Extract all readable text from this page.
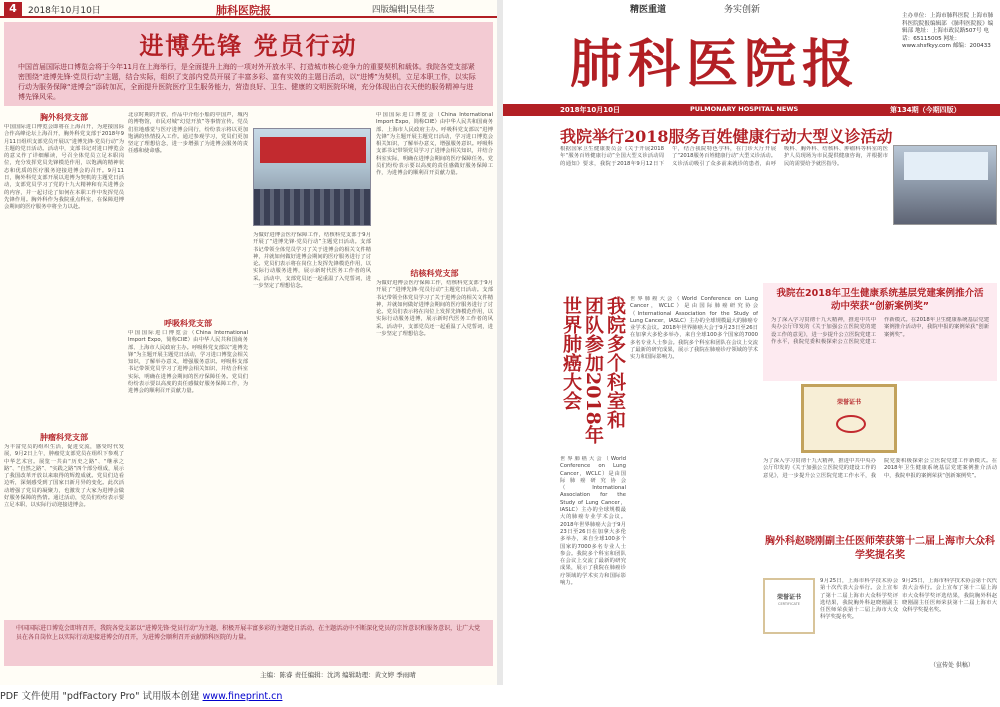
4	2018年10月10日	肺科医院报	四版编辑|吴佳莹
进博先锋 党员行动
中国首届国际进口博览会将于今年11月在上海举行，是全面提升上海的一项对外开放水平、打造城市核心竞争力的重要契机和载体。我院各党支部紧密围绕“进博先锋·党员行动”主题，结合实际，组织了支部内党员开展了丰富多彩、富有实效的主题日活动，以“进博”为契机，立足本职工作，以实际行动为服务保障“进博会”添砖加瓦，全面提升医院医疗卫生服务能力，营造良好、卫生、健康的文明医院环境，充分体现出白衣天使的服务精神与进博先锋风采。
胸外科党支部
中国国际进口博览会即将在上海召开，为迎接国际合作高峰论坛上海召开，胸外科党支部于2018年9月11日组织支部党员开展以“进博先锋·党员行动”为主题的党日活动。活动中，支部书记对进口博览会的意义作了详细解读，号召全体党员立足本职岗位，充分发挥党员先锋模范作用，以饱满的精神状态和优质的医疗服务迎接进博会的召开。9月11日，胸外科党支部开展以进博为契机的主题党日活动，支部党员学习了党的十九大精神和有关进博会的内容，并一起讨论了如何在本职工作中发挥党员先锋作用。胸外科作为我院重点科室，在保障进博会期间的医疗服务中将全力以赴。
肿瘤科党支部
为丰富党员的组织生活，促进交流，感受时代发展，9月2日上午，肿瘤党支部党员在组织下参观了中华艺术宫。展览一共由“历史之路”、“继承之路”、“自然之路”、“实践之路”四个部分组成，展示了我国改革开放以来取得的辉煌成就。党员们边看边听，深刻感受到了国家日新月异的变化。此次活动增强了党员的凝聚力，也激发了大家为进博会做好服务保障的热情。通过活动，党员们纷纷表示要立足本职，以实际行动迎接进博会。
北京时期的开放，作品中介绍小船的中国声，城内的博物馆，市民对城“幻觉开放”等事情宣传。党员们驻地感觉与医疗进博会同行，纷纷表示将以更加饱满的热情投入工作。通过参观学习，党员们更加坚定了理想信念，进一步增强了为进博会服务的责任感和使命感。
呼吸科党支部
中国国际进口博览会（China International Import Expo，简称CIIE）由中华人民共和国商务部、上海市人民政府主办。呼吸科党支部以“进博先锋”为主题开展主题党日活动，学习进口博览会相关知识，了解举办意义，增强服务意识。呼吸科支部书记带领党员学习了进博会相关知识，并结合科室实际，明确在进博会期间的医疗保障任务。党员们纷纷表示要以高度的责任感做好服务保障工作，为进博会的顺利召开贡献力量。
结核科党支部
中国国际进口博览会（China International Import Expo，简称CIIE）由中华人民共和国商务部、上海市人民政府主办。呼吸科党支部以“进博先锋”为主题开展主题党日活动，学习进口博览会相关知识，了解举办意义，增强服务意识。呼吸科支部书记带领党员学习了进博会相关知识，并结合科室实际，明确在进博会期间的医疗保障任务。党员们纷纷表示要以高度的责任感做好服务保障工作，为进博会的顺利召开贡献力量。
为做好进博会医疗保障工作，结核科党支部于9月开展了“进博先锋·党员行动”主题党日活动。支部书记带领全体党员学习了关于进博会的相关文件精神，并就如何做好进博会期间的医疗服务进行了讨论。党员们表示将在岗位上发挥先锋模范作用，以实际行动服务进博，展示新时代医务工作者的风采。活动中，支部党员还一起重温了入党誓词，进一步坚定了理想信念。
为做好进博会医疗保障工作，结核科党支部于9月开展了“进博先锋·党员行动”主题党日活动。支部书记带领全体党员学习了关于进博会的相关文件精神，并就如何做好进博会期间的医疗服务进行了讨论。党员们表示将在岗位上发挥先锋模范作用，以实际行动服务进博，展示新时代医务工作者的风采。活动中，支部党员还一起重温了入党誓词，进一步坚定了理想信念。
中国国际进口博览会即将召开，我院各党支部以“进博先锋·党员行动”为主题，积极开展丰富多彩的主题党日活动，在主题活动中不断深化党员的宗旨意识和服务意识，让广大党员在各自岗位上以实际行动迎接进博会的召开，为进博会顺利召开贡献肺科医院的力量。
主编：陈睿 责任编辑：沈鸿 编辑助理：黄文婷 季雨晴
精医重道	务实创新
肺科医院报
主办单位：上海市肺科医院 上海市肺科医院院报编辑部 《肺科医院报》编辑部 地址：上海市政民路507号 电话：65115005 网址：www.shsfkyy.com 邮编：200433
2018年10月10日	PULMONARY HOSPITAL NEWS	第134期（今期四版）
我院举行2018服务百姓健康行动大型义诊活动
根据国家卫生健康委员会《关于开展2018年“服务百姓健康行动”全国大型义诊活动周的通知》要求，我院于2018年9月12日下午，结合我院特色学科，在门诊大厅开展了“2018服务百姓健康行动”大型义诊活动。义诊活动吸引了众多前来就诊的患者，由呼吸科、胸外科、结核科、肿瘤科等科室的医护人员现场为市民提供健康咨询，并根据市民的需要给予就医指导。
我院多个科室和团队参加2018年世界肺癌大会	世界肺癌大会（World Conference on Lung Cancer，WCLC）是由国际肺癌研究协会（International Association for the Study of Lung Cancer，IASLC）主办的全球规模最大的肺癌专业学术会议。2018年世界肺癌大会于9月23日至26日在加拿大多伦多举办，来自全球100多个国家的7000多名专业人士参会。我院多个科室和团队在会议上交流了最新的研究成果，展示了我院在肺癌诊疗领域的学术实力和国际影响力。
世界肺癌大会（World Conference on Lung Cancer，WCLC）是由国际肺癌研究协会（International Association for the Study of Lung Cancer，IASLC）主办的全球规模最大的肺癌专业学术会议。2018年世界肺癌大会于9月23日至26日在加拿大多伦多举办，来自全球100多个国家的7000多名专业人士参会。我院多个科室和团队在会议上交流了最新的研究成果，展示了我院在肺癌诊疗领域的学术实力和国际影响力。
我院在2018年卫生健康系统基层党建案例推介活动中荣获“创新案例奖”
为了深入学习贯彻十九大精神，推进中共中央办公厅印发的《关于加强公立医院党的建设工作的意见》，进一步提升公立医院党建工作水平，我院党委积极探索公立医院党建工作新模式。在2018年卫生健康系统基层党建案例推介活动中，我院申报的案例荣获“创新案例奖”。
荣誉证书
为了深入学习贯彻十九大精神，推进中共中央办公厅印发的《关于加强公立医院党的建设工作的意见》，进一步提升公立医院党建工作水平，我院党委积极探索公立医院党建工作新模式。在2018年卫生健康系统基层党建案例推介活动中，我院申报的案例荣获“创新案例奖”。
胸外科赵晓刚副主任医师荣获第十二届上海市大众科学奖提名奖
荣誉证书
CERTIFICATE
9月25日，上海市科学技术协会第十次代表大会举行。会上宣布了第十二届上海市大众科学奖评选结果，我院胸外科赵晓刚副主任医师荣获第十二届上海市大众科学奖提名奖。
9月25日，上海市科学技术协会第十次代表大会举行。会上宣布了第十二届上海市大众科学奖评选结果，我院胸外科赵晓刚副主任医师荣获第十二届上海市大众科学奖提名奖。
（宣传处 供稿）
PDF 文件使用 "pdfFactory Pro" 试用版本创建 www.fineprint.cn
